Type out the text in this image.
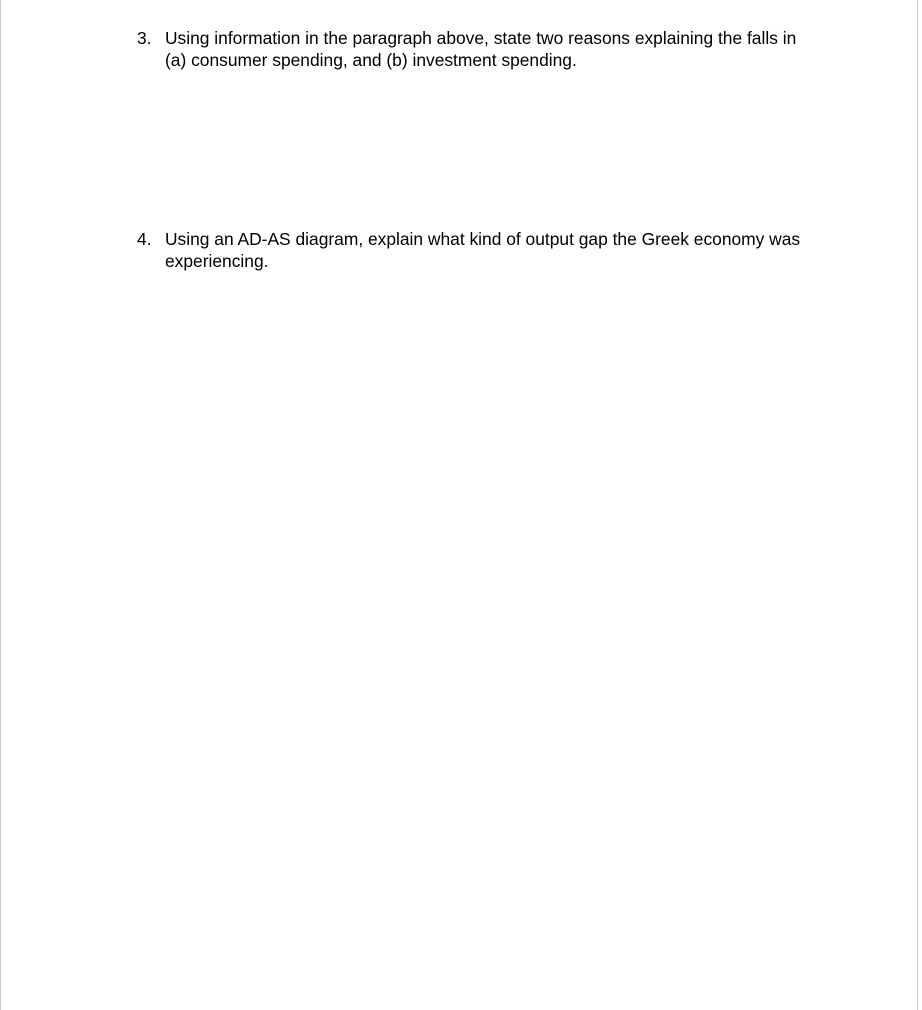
3. Using information in the paragraph above, state two reasons explaining the falls in (a) consumer spending, and (b) investment spending.
4. Using an AD-AS diagram, explain what kind of output gap the Greek economy was experiencing.
